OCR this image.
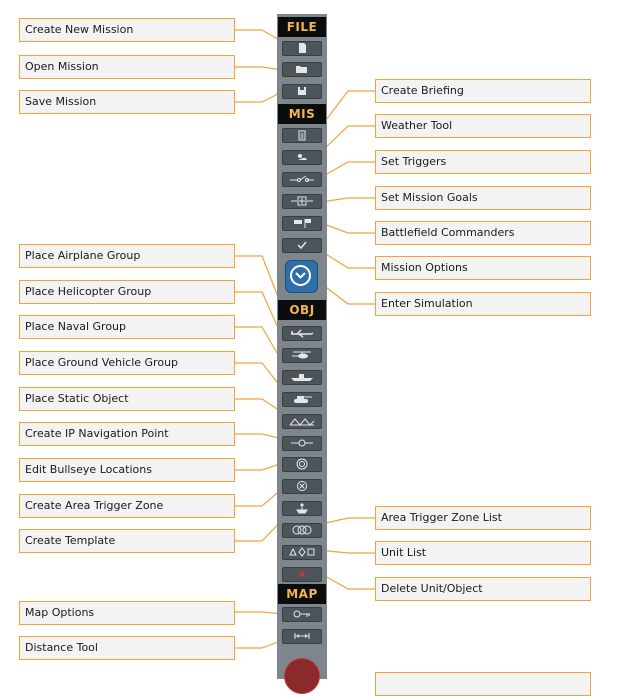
FILE
MIS
OBJ
✕
MAP
Create New Mission
Open Mission
Save Mission
Place Airplane Group
Place Helicopter Group
Place Naval Group
Place Ground Vehicle Group
Place Static Object
Create IP Navigation Point
Edit Bullseye Locations
Create Area Trigger Zone
Create Template
Map Options
Distance Tool
Create Briefing
Weather Tool
Set Triggers
Set Mission Goals
Battlefield Commanders
Mission Options
Enter Simulation
Area Trigger Zone List
Unit List
Delete Unit/Object
